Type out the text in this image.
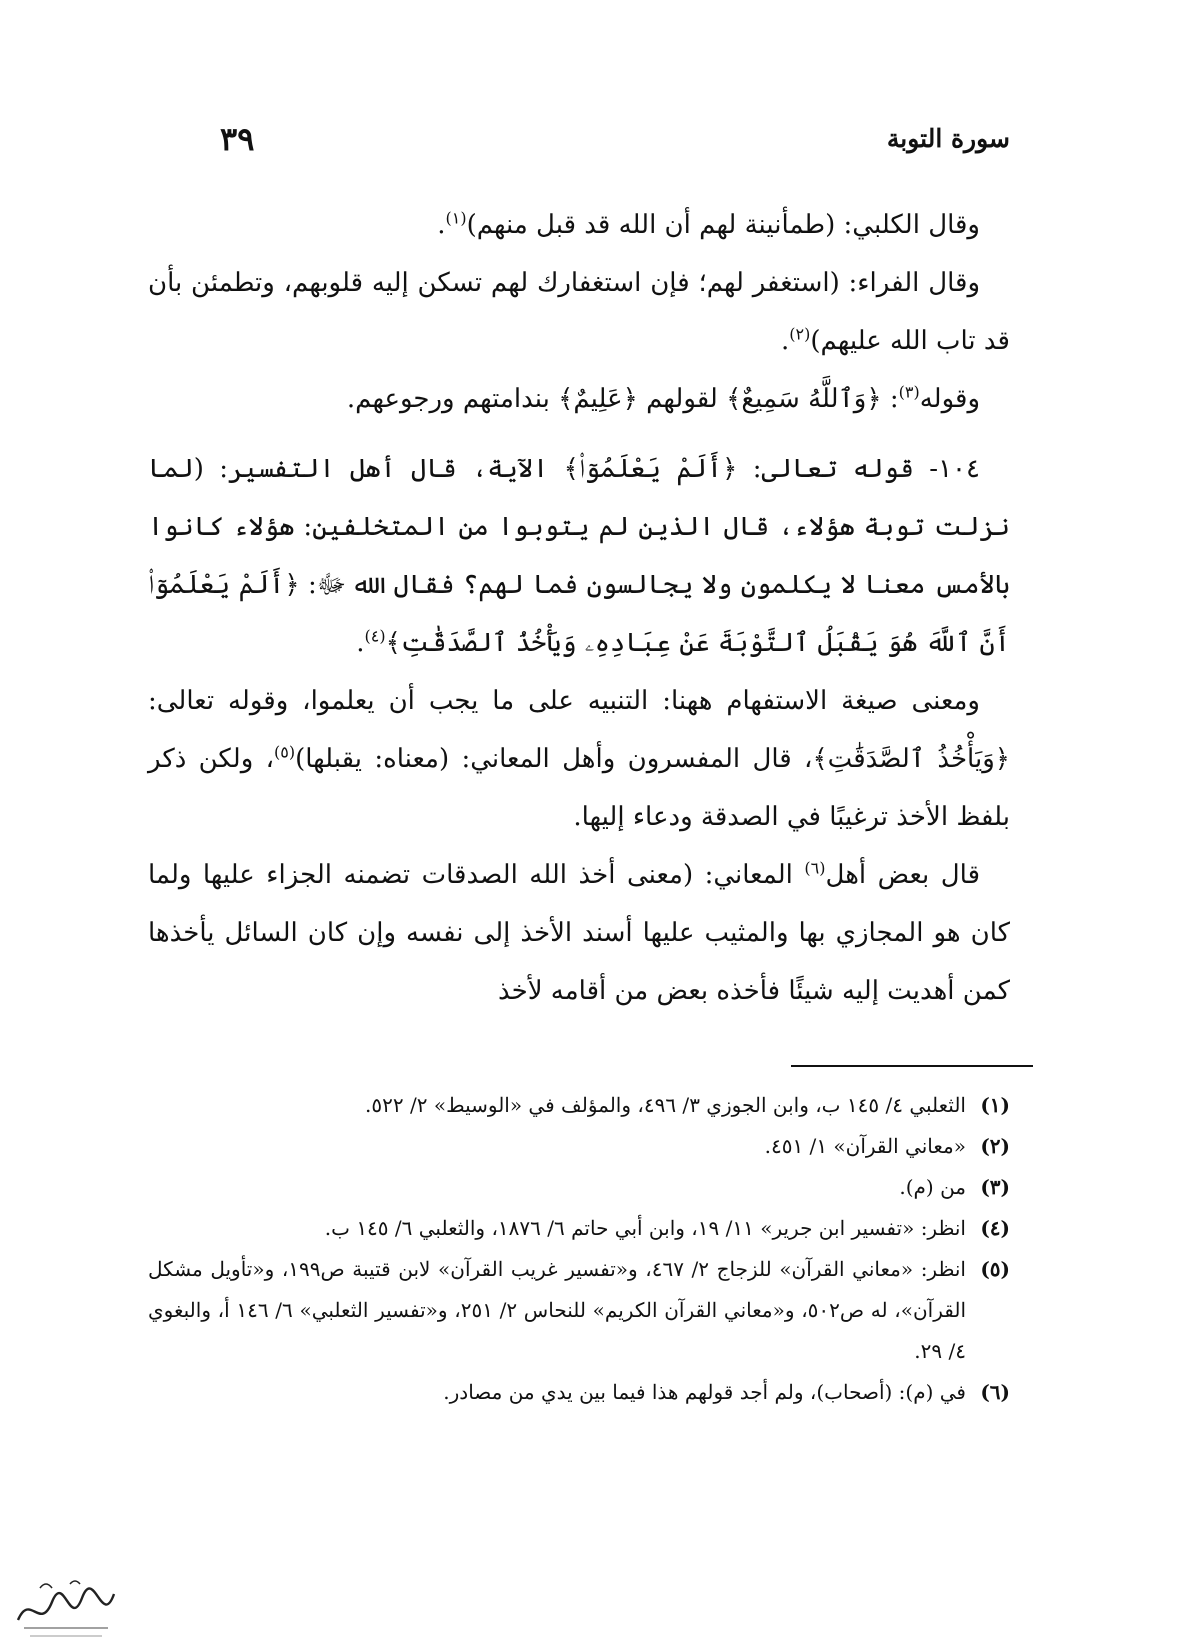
سورة التوبة
٣٩

وقال الكلبي: (طمأنينة لهم أن الله قد قبل منهم)$^{(١)}$.

وقال الفراء: (استغفر لهم؛ فإن استغفارك لهم تسكن إليه قلوبهم، وتطمئن بأن قد تاب الله عليهم)$^{(٢)}$.

وقوله$^{(٣)}$: ﴿وَٱللَّهُ سَمِيعٌ﴾ لقولهم ﴿عَلِيمٌ﴾ بندامتهم ورجوعهم.

١٠٤- قوله تعالى: ﴿أَلَمْ يَعْلَمُوٓا۟﴾ الآية، قال أهل التفسير: (لما نزلت توبة هؤلاء، قال الذين لم يتوبوا من المتخلفين: هؤلاء كانوا بالأمس معنا لا يكلمون ولا يجالسون فما لهم؟ فقال الله ﷻ: ﴿أَلَمْ يَعْلَمُوٓا۟ أَنَّ ٱللَّهَ هُوَ يَقْبَلُ ٱلتَّوْبَةَ عَنْ عِبَادِهِۦ وَيَأْخُذُ ٱلصَّدَقَٰتِ﴾$^{(٤)}$.

ومعنى صيغة الاستفهام ههنا: التنبيه على ما يجب أن يعلموا، وقوله تعالى: ﴿وَيَأْخُذُ ٱلصَّدَقَٰتِ﴾، قال المفسرون وأهل المعاني: (معناه: يقبلها)$^{(٥)}$، ولكن ذكر بلفظ الأخذ ترغيبًا في الصدقة ودعاء إليها.

قال بعض أهل$^{(٦)}$ المعاني: (معنى أخذ الله الصدقات تضمنه الجزاء عليها ولما كان هو المجازي بها والمثيب عليها أسند الأخذ إلى نفسه وإن كان السائل يأخذها كمن أهديت إليه شيئًا فأخذه بعض من أقامه لأخذ

(١)
الثعلبي ٤/ ١٤٥ ب، وابن الجوزي ٣/ ٤٩٦، والمؤلف في «الوسيط» ٢/ ٥٢٢.
(٢)
«معاني القرآن» ١/ ٤٥١.
(٣)
من (م).
(٤)
انظر: «تفسير ابن جرير» ١١/ ١٩، وابن أبي حاتم ٦/ ١٨٧٦، والثعلبي ٦/ ١٤٥ ب.
(٥)
انظر: «معاني القرآن» للزجاج ٢/ ٤٦٧، و«تفسير غريب القرآن» لابن قتيبة ص١٩٩، و«تأويل مشكل القرآن»، له ص٥٠٢، و«معاني القرآن الكريم» للنحاس ٢/ ٢٥١، و«تفسير الثعلبي» ٦/ ١٤٦ أ، والبغوي ٤/ ٢٩.
(٦)
في (م): (أصحاب)، ولم أجد قولهم هذا فيما بين يدي من مصادر.
